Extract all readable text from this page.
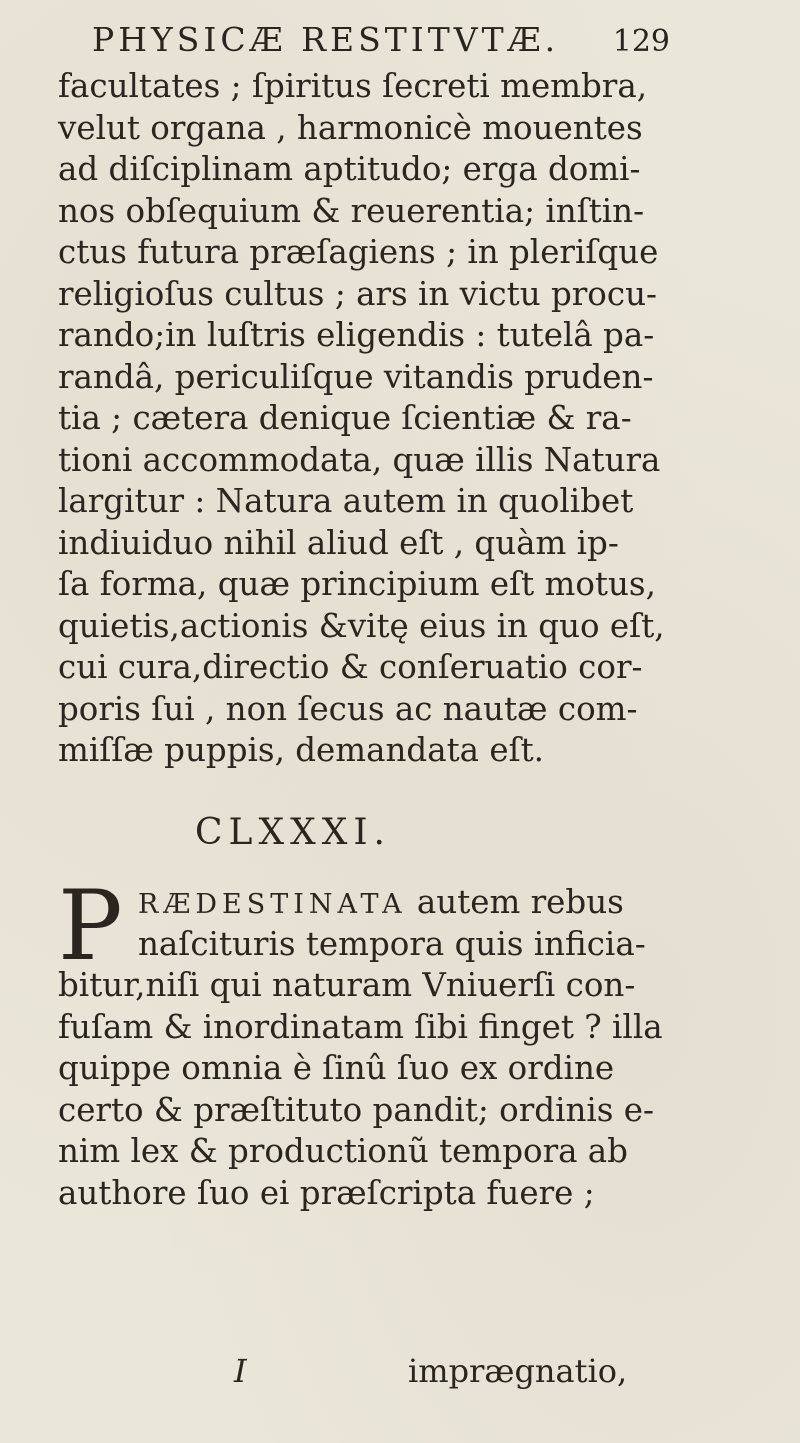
PHYSICÆ RESTITVTÆ. 129
facultates ; ſpiritus ſecreti membra,
velut organa , harmonicè mouentes
ad diſciplinam aptitudo; erga domi-
nos obſequium & reuerentia; inſtin-
ctus futura præſagiens ; in pleriſque
religioſus cultus ; ars in victu procu-
rando;in luſtris eligendis : tutelâ pa-
randâ, periculiſque vitandis pruden-
tia ; cætera denique ſcientiæ & ra-
tioni accommodata, quæ illis Natura
largitur : Natura autem in quolibet
indiuiduo nihil aliud eſt , quàm ip-
ſa forma, quæ principium eſt motus,
quietis,actionis &vitę eius in quo eſt,
cui cura,directio & conſeruatio cor-
poris ſui , non ſecus ac nautæ com-
miſſæ puppis, demandata eſt.
CLXXXI.
P RÆDESTINATA autem rebus
naſcituris tempora quis inficia-
bitur,niſi qui naturam Vniuerſi con-
fuſam & inordinatam ſibi finget ? illa
quippe omnia è ſinû ſuo ex ordine
certo & præſtituto pandit; ordinis e-
nim lex & productionũ tempora ab
authore ſuo ei præſcripta fuere ;
I	imprægnatio,
